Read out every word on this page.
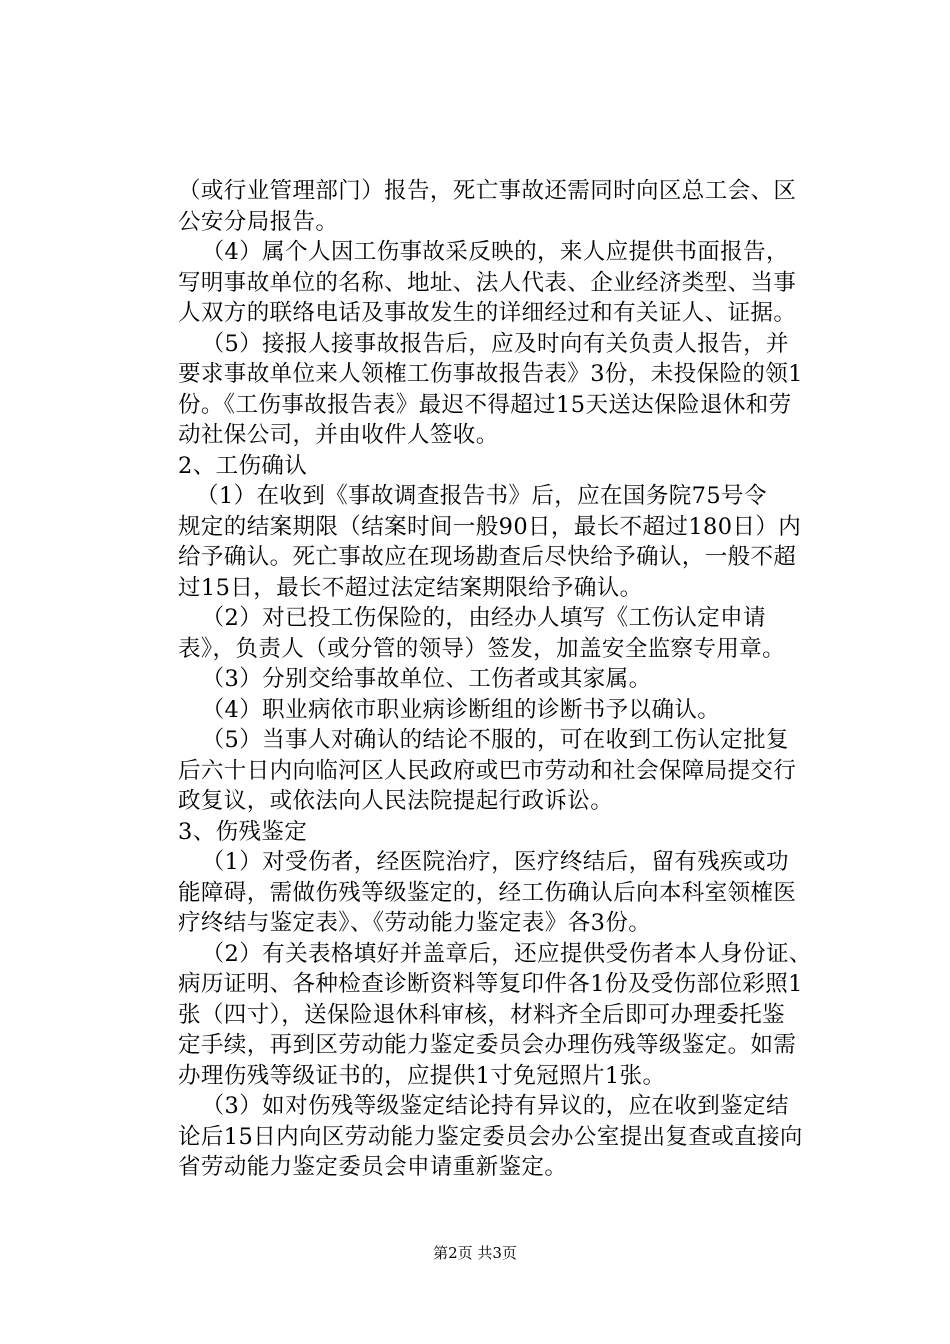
（或行业管理部门）报告，死亡事故还需同时向区总工会、区
公安分局报告。
　（4）属个人因工伤事故采反映的，来人应提供书面报告，
写明事故单位的名称、地址、法人代表、企业经济类型、当事
人双方的联络电话及事故发生的详细经过和有关证人、证据。
　（5）接报人接事故报告后，应及时向有关负责人报告，并
要求事故单位来人领榷工伤事故报告表》3份，未投保险的领1
份。《工伤事故报告表》最迟不得超过15天送达保险退休和劳
动社保公司，并由收件人签收。
2、工伤确认
（1）在收到《事故调查报告书》后，应在国务院75号令
规定的结案期限（结案时间一般90日，最长不超过180日）内
给予确认。死亡事故应在现场勘查后尽快给予确认，一般不超
过15日，最长不超过法定结案期限给予确认。
　（2）对已投工伤保险的，由经办人填写《工伤认定申请
表》，负责人（或分管的领导）签发，加盖安全监察专用章。
　（3）分别交给事故单位、工伤者或其家属。
　（4）职业病依市职业病诊断组的诊断书予以确认。
　（5）当事人对确认的结论不服的，可在收到工伤认定批复
后六十日内向临河区人民政府或巴市劳动和社会保障局提交行
政复议，或依法向人民法院提起行政诉讼。
3、伤残鉴定
　（1）对受伤者，经医院治疗，医疗终结后，留有残疾或功
能障碍，需做伤残等级鉴定的，经工伤确认后向本科室领榷医
疗终结与鉴定表》、《劳动能力鉴定表》各3份。
　（2）有关表格填好并盖章后，还应提供受伤者本人身份证、
病历证明、各种检查诊断资料等复印件各1份及受伤部位彩照1
张（四寸），送保险退休科审核，材料齐全后即可办理委托鉴
定手续，再到区劳动能力鉴定委员会办理伤残等级鉴定。如需
办理伤残等级证书的，应提供1寸免冠照片1张。
　（3）如对伤残等级鉴定结论持有异议的，应在收到鉴定结
论后15日内向区劳动能力鉴定委员会办公室提出复查或直接向
省劳动能力鉴定委员会申请重新鉴定。
第2页 共3页
